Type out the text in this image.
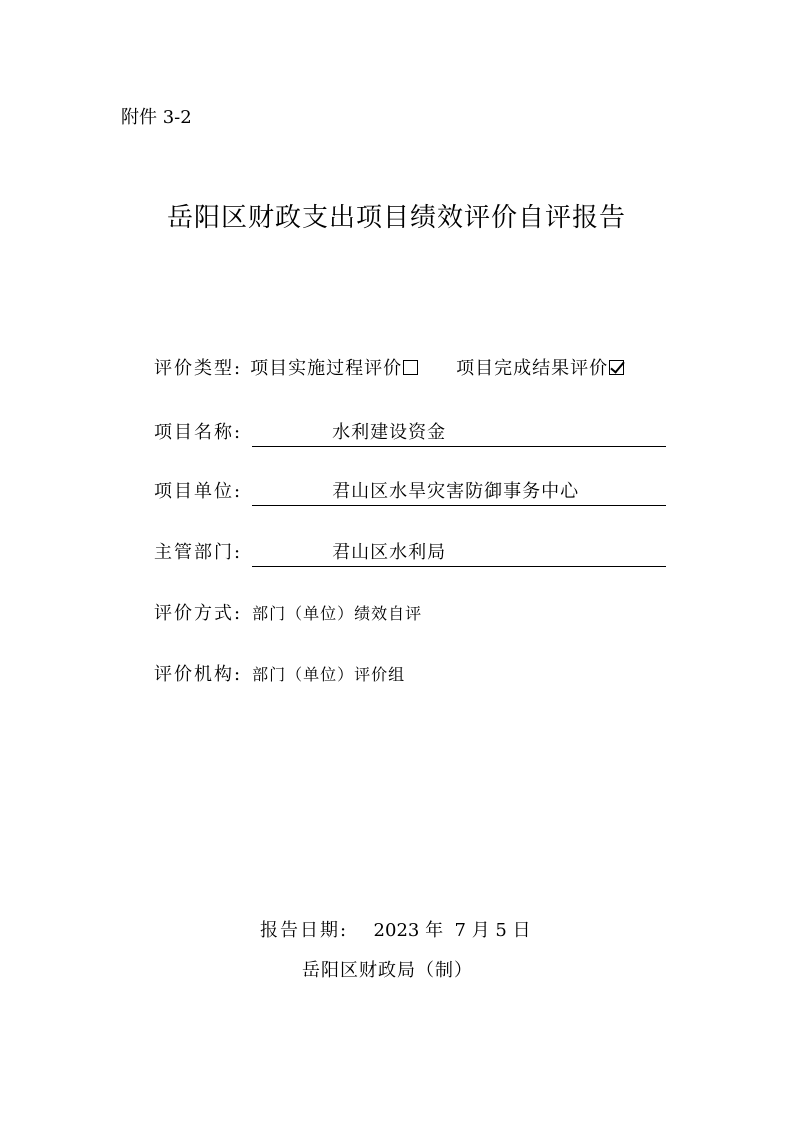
附件 3-2
岳阳区财政支出项目绩效评价自评报告
评价类型: 项目实施过程评价	项目完成结果评价
项目名称:	水利建设资金
项目单位:	君山区水旱灾害防御事务中心
主管部门:	君山区水利局
评价方式: 部门（单位）绩效自评
评价机构: 部门（单位）评价组
报告日期: 2023 年  7 月 5 日
岳阳区财政局（制）
